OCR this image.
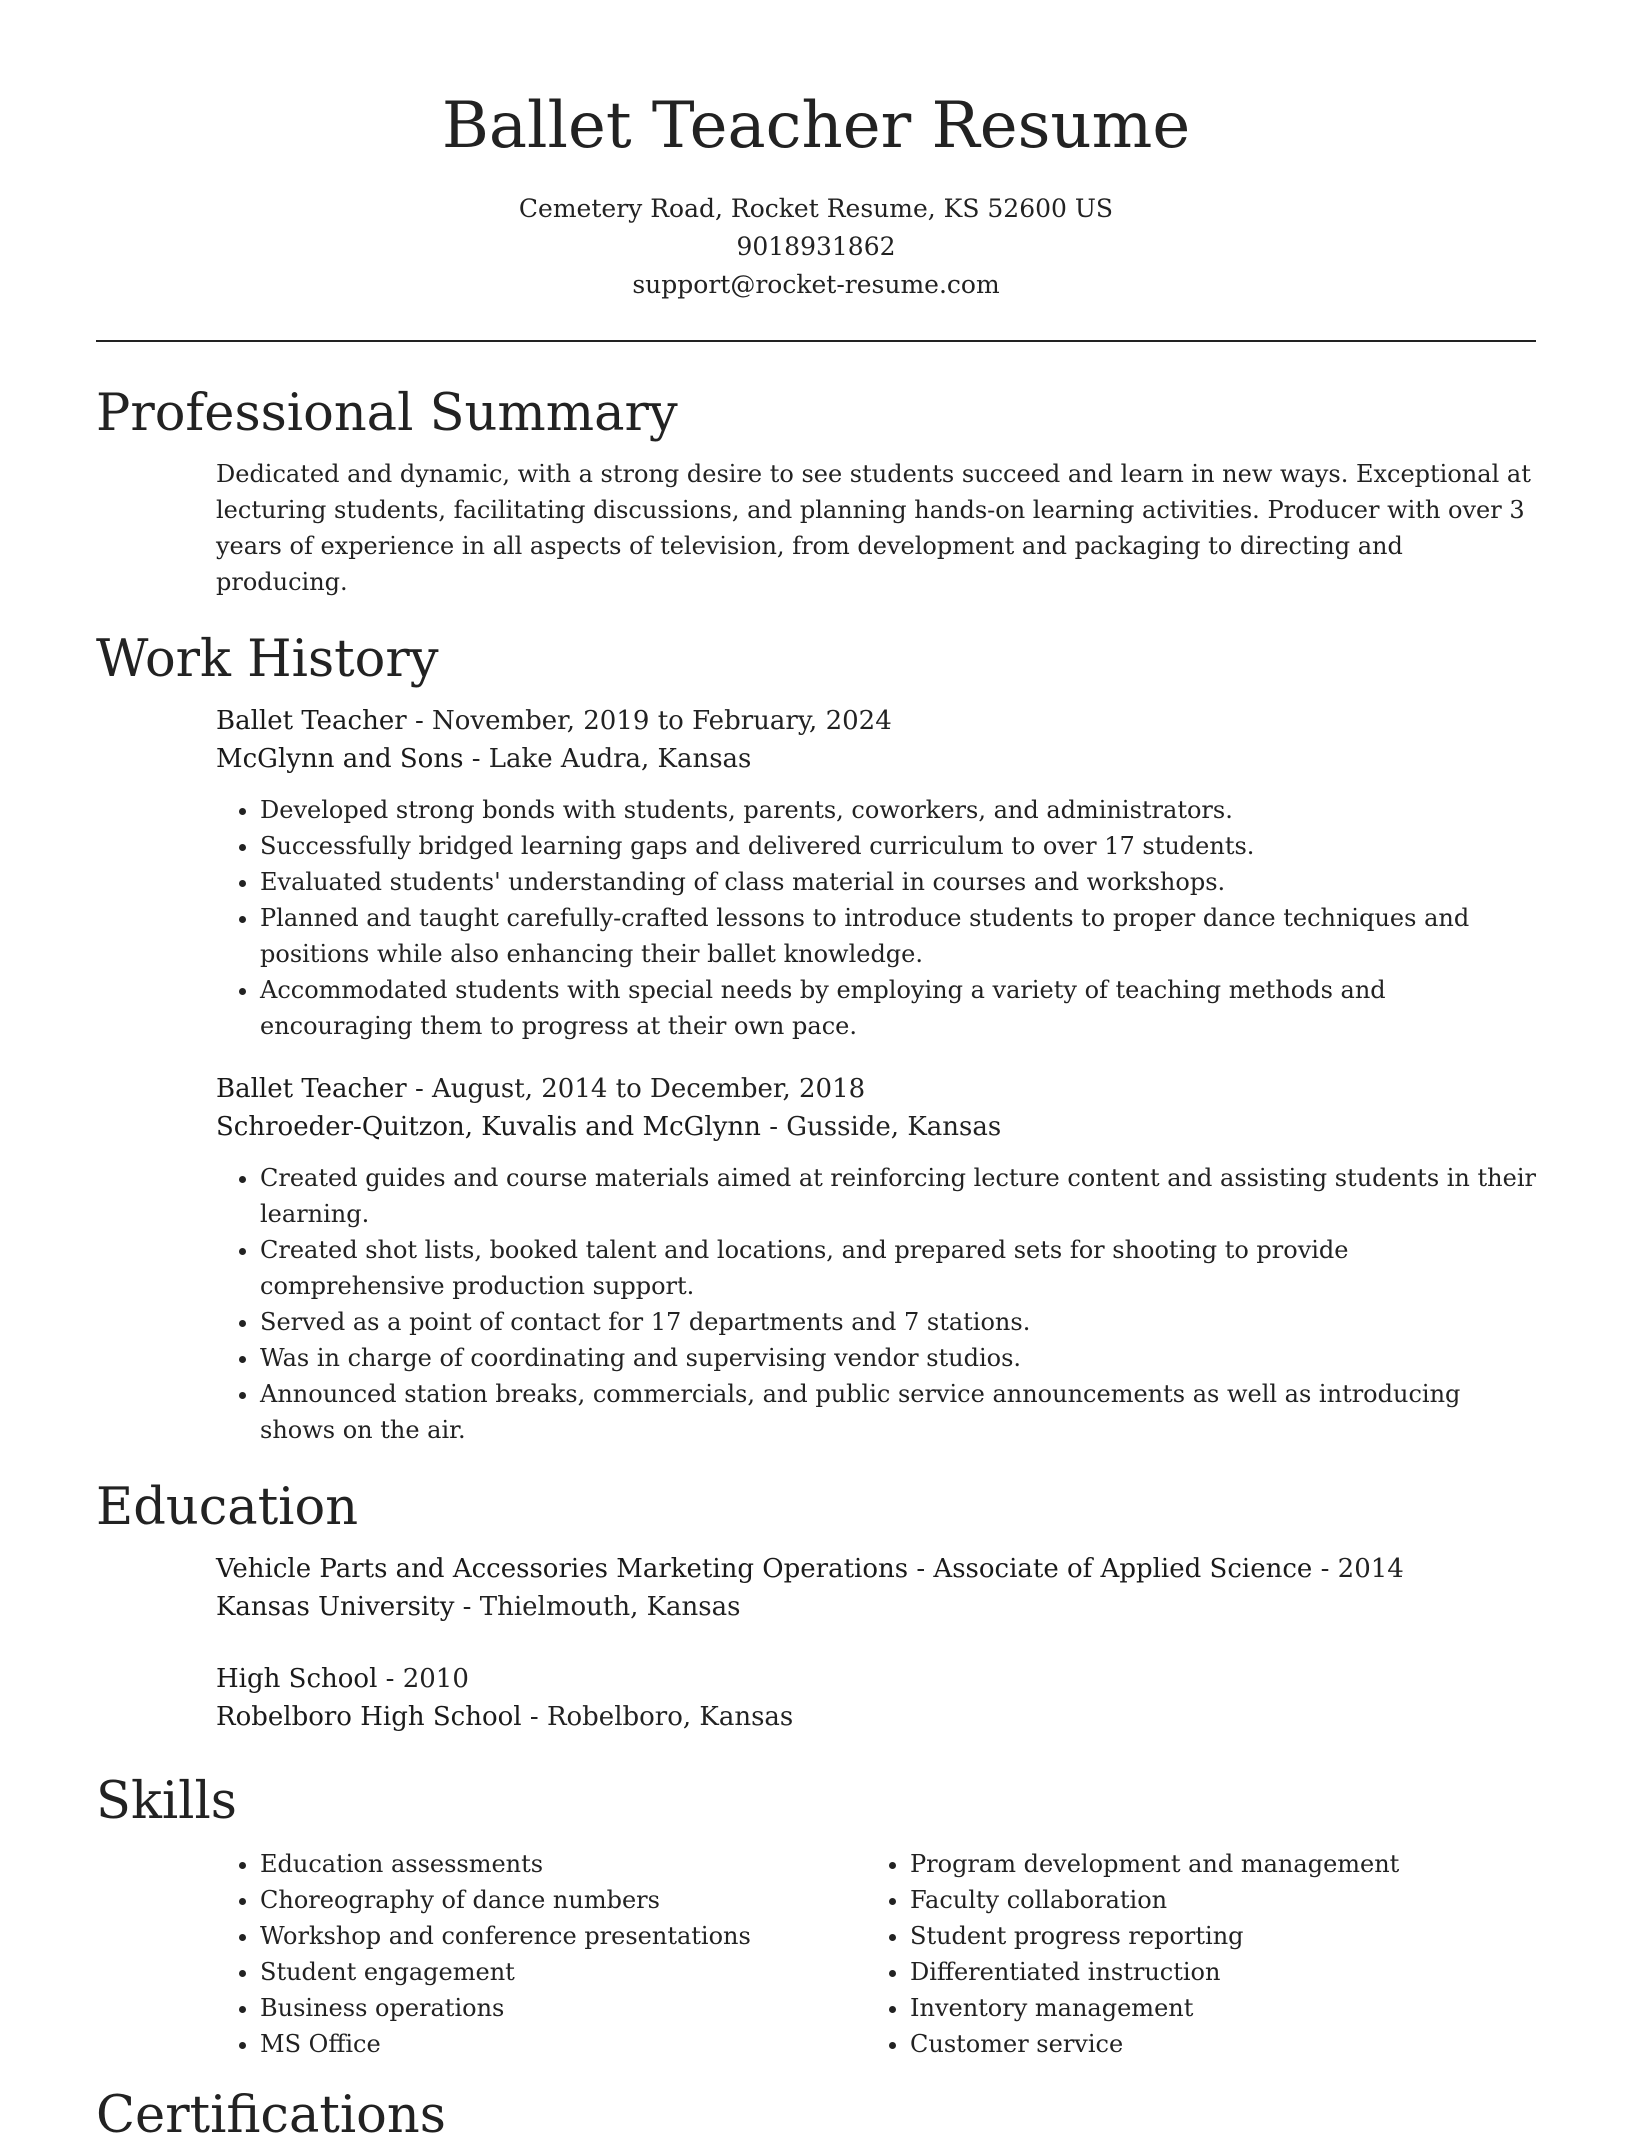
Ballet Teacher Resume
Cemetery Road, Rocket Resume, KS 52600 US
9018931862
support@rocket-resume.com
Professional Summary
Dedicated and dynamic, with a strong desire to see students succeed and learn in new ways. Exceptional at lecturing students, facilitating discussions, and planning hands-on learning activities. Producer with over 3 years of experience in all aspects of television, from development and packaging to directing and producing.
Work History
Ballet Teacher - November, 2019 to February, 2024
McGlynn and Sons - Lake Audra, Kansas
• Developed strong bonds with students, parents, coworkers, and administrators.
• Successfully bridged learning gaps and delivered curriculum to over 17 students.
• Evaluated students' understanding of class material in courses and workshops.
• Planned and taught carefully-crafted lessons to introduce students to proper dance techniques and positions while also enhancing their ballet knowledge.
• Accommodated students with special needs by employing a variety of teaching methods and encouraging them to progress at their own pace.
Ballet Teacher - August, 2014 to December, 2018
Schroeder-Quitzon, Kuvalis and McGlynn - Gusside, Kansas
• Created guides and course materials aimed at reinforcing lecture content and assisting students in their learning.
• Created shot lists, booked talent and locations, and prepared sets for shooting to provide comprehensive production support.
• Served as a point of contact for 17 departments and 7 stations.
• Was in charge of coordinating and supervising vendor studios.
• Announced station breaks, commercials, and public service announcements as well as introducing shows on the air.
Education
Vehicle Parts and Accessories Marketing Operations - Associate of Applied Science - 2014
Kansas University - Thielmouth, Kansas
High School - 2010
Robelboro High School - Robelboro, Kansas
Skills
• Education assessments
• Choreography of dance numbers
• Workshop and conference presentations
• Student engagement
• Business operations
• MS Office
• Program development and management
• Faculty collaboration
• Student progress reporting
• Differentiated instruction
• Inventory management
• Customer service
Certifications
